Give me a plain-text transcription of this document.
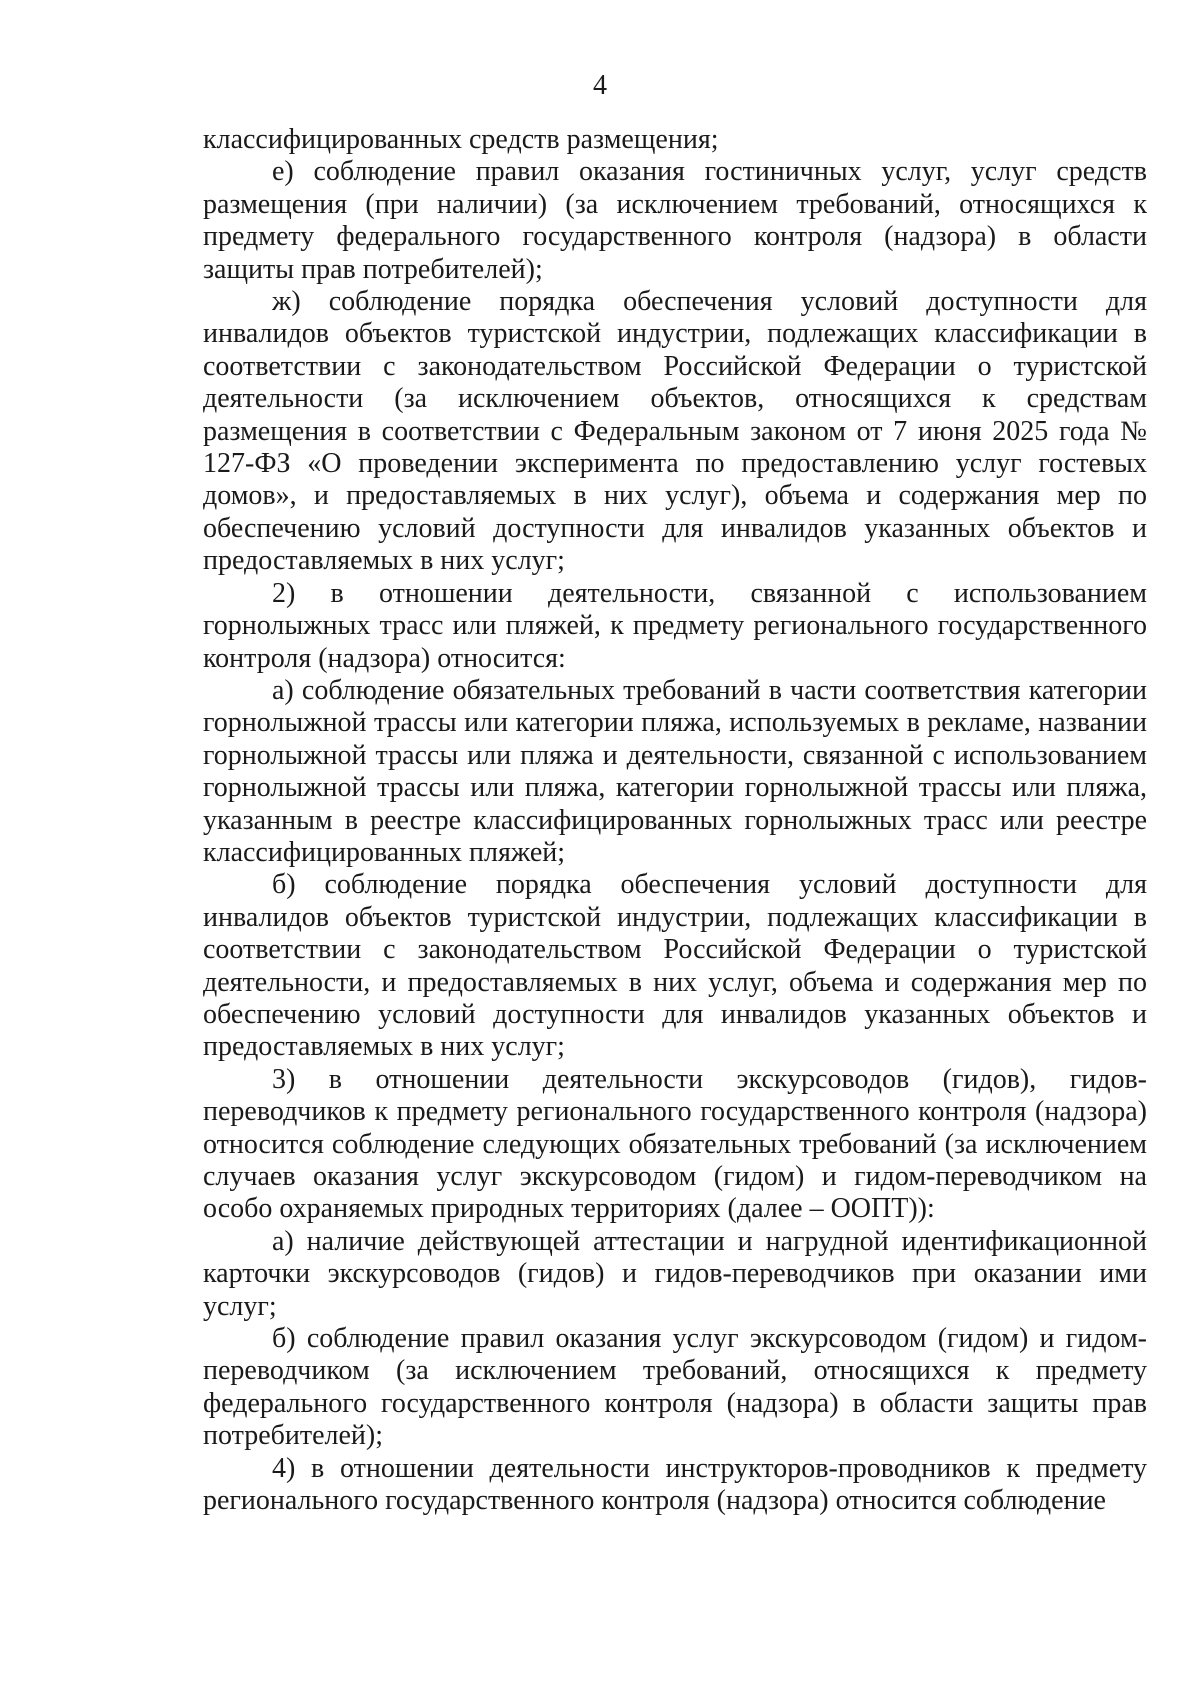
4

классифицированных средств размещения;

е) соблюдение правил оказания гостиничных услуг, услуг средств размещения (при наличии) (за исключением требований, относящихся к предмету федерального государственного контроля (надзора) в области защиты прав потребителей);

ж) соблюдение порядка обеспечения условий доступности для инвалидов объектов туристской индустрии, подлежащих классификации в соответствии с законодательством Российской Федерации о туристской деятельности (за исключением объектов, относящихся к средствам размещения в соответствии с Федеральным законом от 7 июня 2025 года № 127-ФЗ «О проведении эксперимента по предоставлению услуг гостевых домов», и предоставляемых в них услуг), объема и содержания мер по обеспечению условий доступности для инвалидов указанных объектов и предоставляемых в них услуг;

2) в отношении деятельности, связанной с использованием горнолыжных трасс или пляжей, к предмету регионального государственного контроля (надзора) относится:

а) соблюдение обязательных требований в части соответствия категории горнолыжной трассы или категории пляжа, используемых в рекламе, названии горнолыжной трассы или пляжа и деятельности, связанной с использованием горнолыжной трассы или пляжа, категории горнолыжной трассы или пляжа, указанным в реестре классифицированных горнолыжных трасс или реестре классифицированных пляжей;

б) соблюдение порядка обеспечения условий доступности для инвалидов объектов туристской индустрии, подлежащих классификации в соответствии с законодательством Российской Федерации о туристской деятельности, и предоставляемых в них услуг, объема и содержания мер по обеспечению условий доступности для инвалидов указанных объектов и предоставляемых в них услуг;

3) в отношении деятельности экскурсоводов (гидов), гидов-переводчиков к предмету регионального государственного контроля (надзора) относится соблюдение следующих обязательных требований (за исключением случаев оказания услуг экскурсоводом (гидом) и гидом-переводчиком на особо охраняемых природных территориях (далее – ООПТ)):

а) наличие действующей аттестации и нагрудной идентификационной карточки экскурсоводов (гидов) и гидов-переводчиков при оказании ими услуг;

б) соблюдение правил оказания услуг экскурсоводом (гидом) и гидом-переводчиком (за исключением требований, относящихся к предмету федерального государственного контроля (надзора) в области защиты прав потребителей);

4) в отношении деятельности инструкторов-проводников к предмету регионального государственного контроля (надзора) относится соблюдение
